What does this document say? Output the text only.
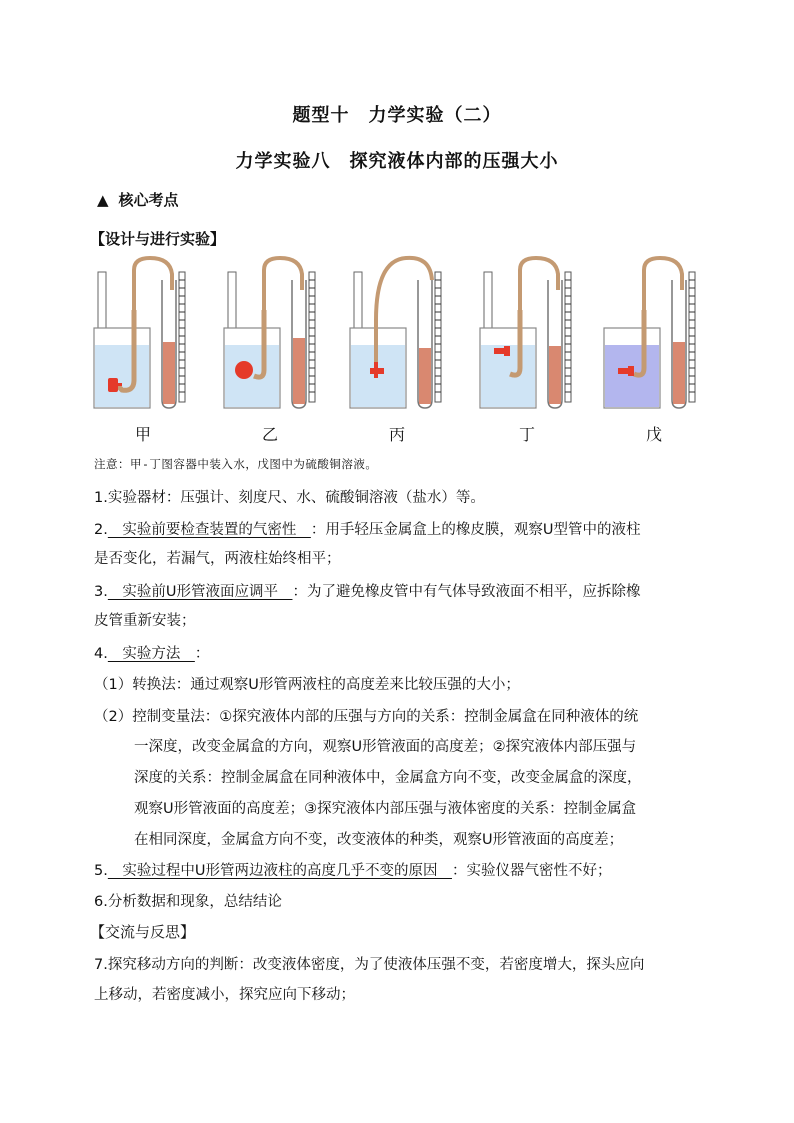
题型十　力学实验（二）
力学实验八　探究液体内部的压强大小
▲ 核心考点
【设计与进行实验】
甲	乙	丙	丁	戊
注意：甲-丁图容器中装入水，戊图中为硫酸铜溶液。
1.实验器材：压强计、刻度尺、水、硫酸铜溶液（盐水）等。
2.　实验前要检查装置的气密性　：用手轻压金属盒上的橡皮膜，观察U型管中的液柱
是否变化，若漏气，两液柱始终相平；
3.　实验前U形管液面应调平　：为了避免橡皮管中有气体导致液面不相平，应拆除橡
皮管重新安装；
4.　实验方法　：
（1）转换法：通过观察U形管两液柱的高度差来比较压强的大小；
（2）控制变量法：①探究液体内部的压强与方向的关系：控制金属盒在同种液体的统
一深度，改变金属盒的方向，观察U形管液面的高度差；②探究液体内部压强与
深度的关系：控制金属盒在同种液体中，金属盒方向不变，改变金属盒的深度，
观察U形管液面的高度差；③探究液体内部压强与液体密度的关系：控制金属盒
在相同深度，金属盒方向不变，改变液体的种类，观察U形管液面的高度差；
5.　实验过程中U形管两边液柱的高度几乎不变的原因　：实验仪器气密性不好；
6.分析数据和现象，总结结论
【交流与反思】
7.探究移动方向的判断：改变液体密度，为了使液体压强不变，若密度增大，探头应向
上移动，若密度减小，探究应向下移动；
